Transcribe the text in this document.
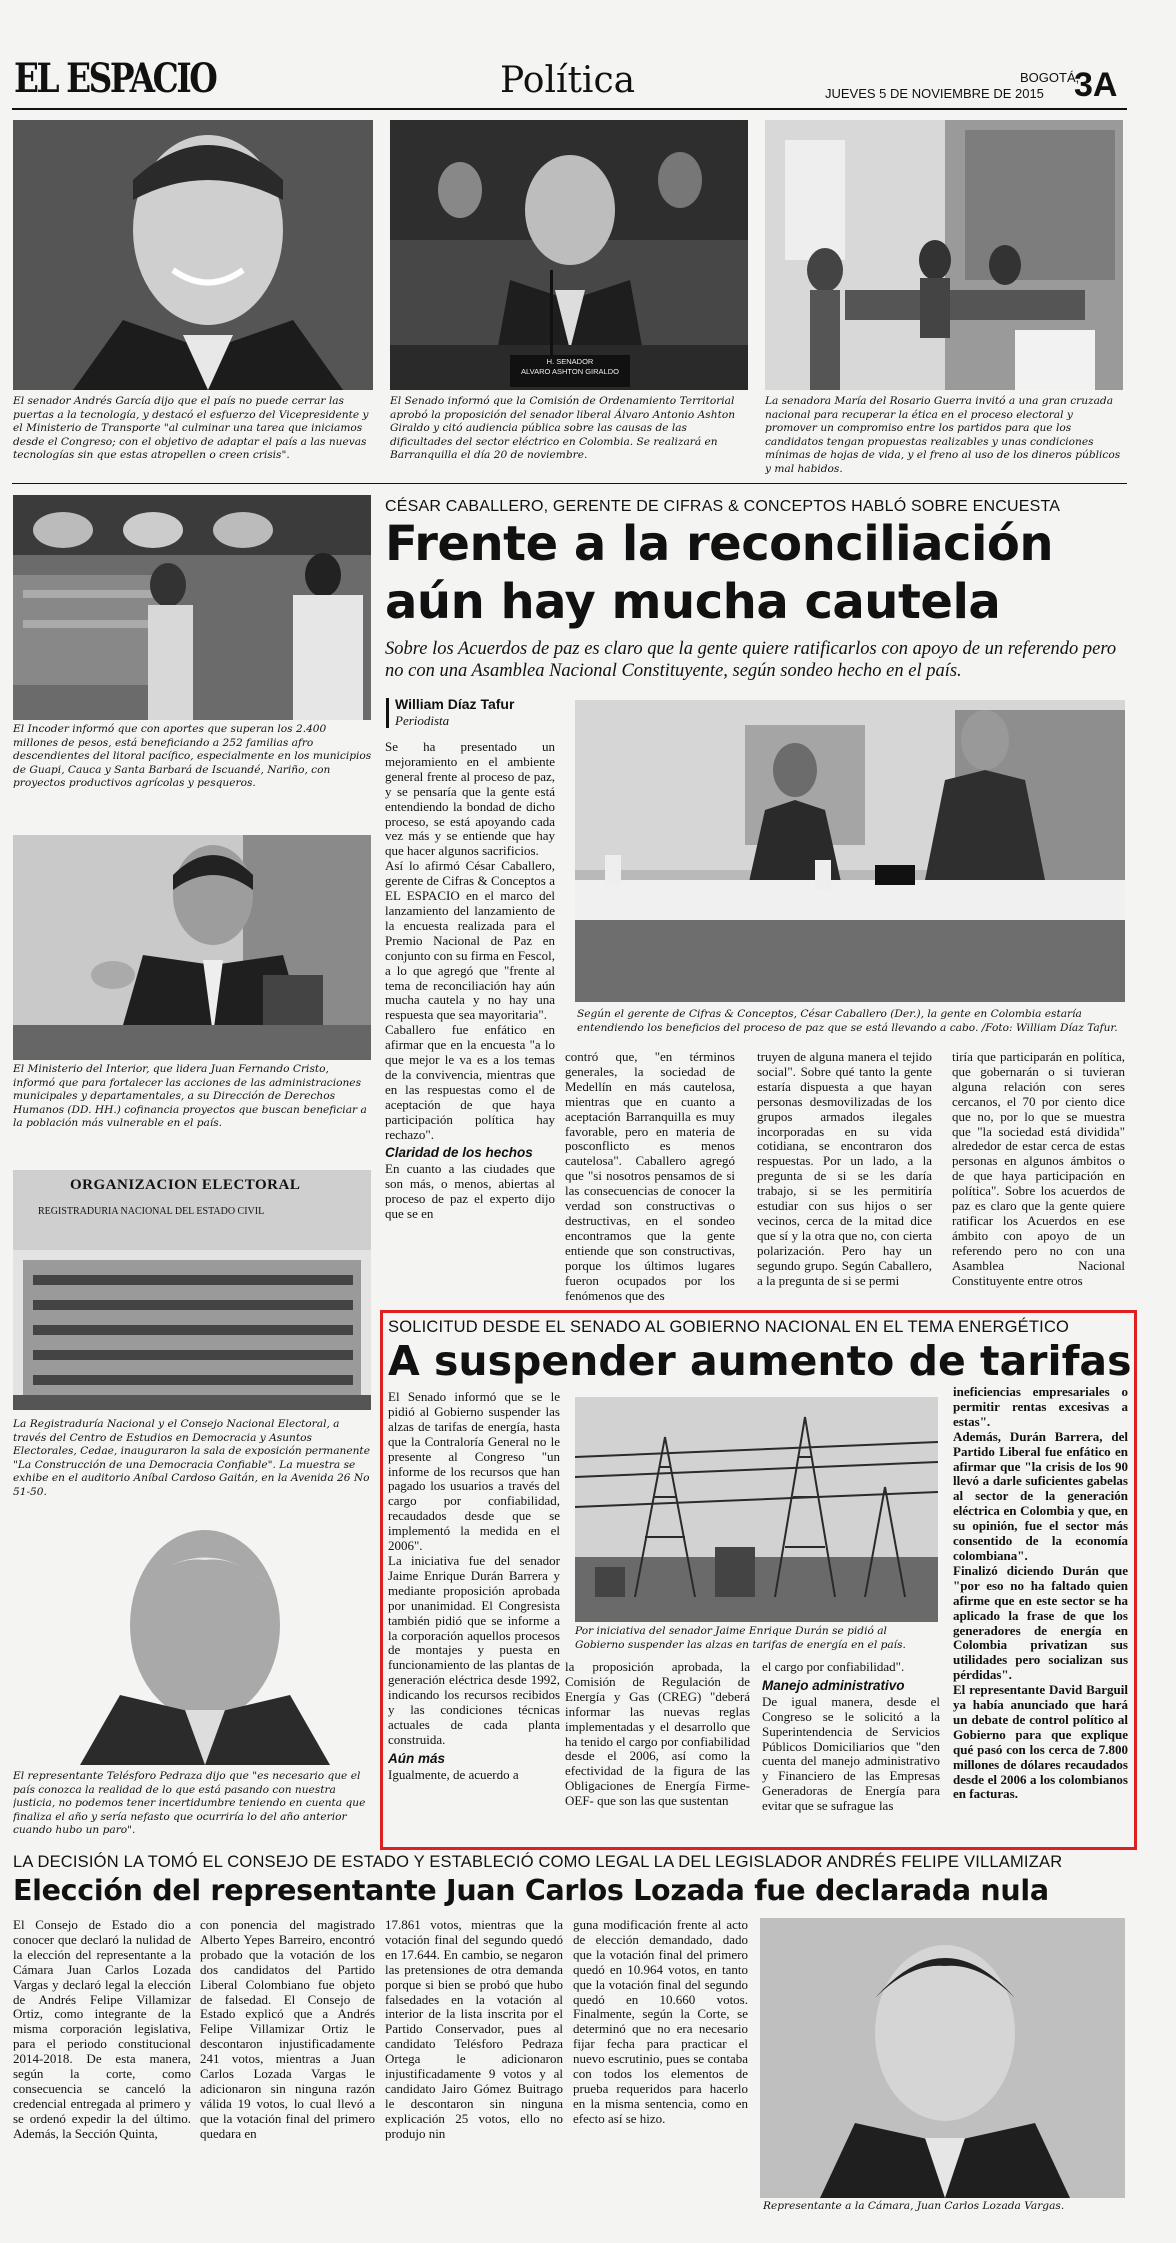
EL ESPACIO	Política	BOGOTÁ,
JUEVES 5 DE NOVIEMBRE DE 2015 3A
H. SENADOR
ALVARO ASHTON GIRALDO
El senador Andrés García dijo que el país no puede cerrar las puertas a la tecnología, y destacó el esfuerzo del Vicepresidente y el Ministerio de Transporte "al culminar una tarea que iniciamos desde el Congreso; con el objetivo de adaptar el país a las nuevas tecnologías sin que estas atropellen o creen crisis".
El Senado informó que la Comisión de Ordenamiento Territorial aprobó la proposición del senador liberal Álvaro Antonio Ashton Giraldo y citó audiencia pública sobre las causas de las dificultades del sector eléctrico en Colombia. Se realizará en Barranquilla el día 20 de noviembre.
La senadora María del Rosario Guerra invitó a una gran cruzada nacional para recuperar la ética en el proceso electoral y promover un compromiso entre los partidos para que los candidatos tengan propuestas realizables y unas condiciones mínimas de hojas de vida, y el freno al uso de los dineros públicos y mal habidos.
El Incoder informó que con aportes que superan los 2.400 millones de pesos, está beneficiando a 252 familias afro descendientes del litoral pacífico, especialmente en los municipios de Guapi, Cauca y Santa Barbará de Iscuandé, Nariño, con proyectos productivos agrícolas y pesqueros.
El Ministerio del Interior, que lidera Juan Fernando Cristo, informó que para fortalecer las acciones de las administraciones municipales y departamentales, a su Dirección de Derechos Humanos (DD. HH.) cofinancia proyectos que buscan beneficiar a la población más vulnerable en el país.
ORGANIZACION ELECTORAL
REGISTRADURIA NACIONAL DEL ESTADO CIVIL
La Registraduría Nacional y el Consejo Nacional Electoral, a través del Centro de Estudios en Democracia y Asuntos Electorales, Cedae, inauguraron la sala de exposición permanente "La Construcción de una Democracia Confiable". La muestra se exhibe en el auditorio Aníbal Cardoso Gaitán, en la Avenida 26 No 51-50.
El representante Telésforo Pedraza dijo que "es necesario que el país conozca la realidad de lo que está pasando con nuestra justicia, no podemos tener incertidumbre teniendo en cuenta que finaliza el año y sería nefasto que ocurriría lo del año anterior cuando hubo un paro".
CÉSAR CABALLERO, GERENTE DE CIFRAS & CONCEPTOS HABLÓ SOBRE ENCUESTA
Frente a la reconciliación
aún hay mucha cautela
Sobre los Acuerdos de paz es claro que la gente quiere ratificarlos con apoyo de un referendo pero no con una Asamblea Nacional Constituyente, según sondeo hecho en el país.
William Díaz Tafur
Periodista

Se ha presentado un mejoramiento en el ambiente general frente al proceso de paz, y se pensaría que la gente está entendiendo la bondad de dicho proceso, se está apoyando cada vez más y se entiende que hay que hacer algunos sacrificios.

Así lo afirmó César Caballero, gerente de Cifras & Conceptos a EL ESPACIO en el marco del lanzamiento del lanzamiento de la encuesta realizada para el Premio Nacional de Paz en conjunto con su firma en Fescol, a lo que agregó que "frente al tema de reconciliación hay aún mucha cautela y no hay una respuesta que sea mayoritaria".

Caballero fue enfático en afirmar que en la encuesta "a lo que mejor le va es a los temas de la convivencia, mientras que en las respuestas como el de aceptación de que haya participación política hay rechazo".

Claridad de los hechos

En cuanto a las ciudades que son más, o menos, abiertas al proceso de paz el experto dijo que se en

Según el gerente de Cifras & Conceptos, César Caballero (Der.), la gente en Colombia estaría entendiendo los beneficios del proceso de paz que se está llevando a cabo. /Foto: William Díaz Tafur.
contró que, "en términos generales, la sociedad de Medellín en más cautelosa, mientras que en cuanto a aceptación Barranquilla es muy favorable, pero en materia de posconflicto es menos cautelosa". Caballero agregó que "si nosotros pensamos de si las consecuencias de conocer la verdad son constructivas o destructivas, en el sondeo encontramos que la gente entiende que son constructivas, porque los últimos lugares fueron ocupados por los fenómenos que des
truyen de alguna manera el tejido social". Sobre qué tanto la gente estaría dispuesta a que hayan personas desmovilizadas de los grupos armados ilegales incorporadas en su vida cotidiana, se encontraron dos respuestas. Por un lado, a la pregunta de si se les daría trabajo, si se les permitiría estudiar con sus hijos o ser vecinos, cerca de la mitad dice que sí y la otra que no, con cierta polarización. Pero hay un segundo grupo. Según Caballero, a la pregunta de si se permi
tiría que participarán en política, que gobernarán o si tuvieran alguna relación con seres cercanos, el 70 por ciento dice que no, por lo que se muestra que "la sociedad está dividida" alrededor de estar cerca de estas personas en algunos ámbitos o de que haya participación en política". Sobre los acuerdos de paz es claro que la gente quiere ratificar los Acuerdos en ese ámbito con apoyo de un referendo pero no con una Asamblea Nacional Constituyente entre otros
SOLICITUD DESDE EL SENADO AL GOBIERNO NACIONAL EN EL TEMA ENERGÉTICO
A suspender aumento de tarifas

El Senado informó que se le pidió al Gobierno suspender las alzas de tarifas de energía, hasta que la Contraloría General no le presente al Congreso "un informe de los recursos que han pagado los usuarios a través del cargo por confiabilidad, recaudados desde que se implementó la medida en el 2006".

La iniciativa fue del senador Jaime Enrique Durán Barrera y mediante proposición aprobada por unanimidad. El Congresista también pidió que se informe a la corporación aquellos procesos de montajes y puesta en funcionamiento de las plantas de generación eléctrica desde 1992, indicando los recursos recibidos y las condiciones técnicas actuales de cada planta construida.

Aún más

Igualmente, de acuerdo a

Por iniciativa del senador Jaime Enrique Durán se pidió al Gobierno suspender las alzas en tarifas de energía en el país.
la proposición aprobada, la Comisión de Regulación de Energía y Gas (CREG) "deberá informar las nuevas reglas implementadas y el desarrollo que ha tenido el cargo por confiabilidad desde el 2006, así como la efectividad de la figura de las Obligaciones de Energía Firme- OEF- que son las que sustentan

el cargo por confiabilidad".

Manejo administrativo

De igual manera, desde el Congreso se le solicitó a la Superintendencia de Servicios Públicos Domiciliarios que "den cuenta del manejo administrativo y Financiero de las Empresas Generadoras de Energía para evitar que se sufrague las

ineficiencias empresariales o permitir rentas excesivas a estas".

Además, Durán Barrera, del Partido Liberal fue enfático en afirmar que "la crisis de los 90 llevó a darle suficientes gabelas al sector de la generación eléctrica en Colombia y que, en su opinión, fue el sector más consentido de la economía colombiana".

Finalizó diciendo Durán que "por eso no ha faltado quien afirme que en este sector se ha aplicado la frase de que los generadores de energía en Colombia privatizan sus utilidades pero socializan sus pérdidas".

El representante David Barguil ya había anunciado que hará un debate de control político al Gobierno para que explique qué pasó con los cerca de 7.800 millones de dólares recaudados desde el 2006 a los colombianos en facturas.

LA DECISIÓN LA TOMÓ EL CONSEJO DE ESTADO Y ESTABLECIÓ COMO LEGAL LA DEL LEGISLADOR ANDRÉS FELIPE VILLAMIZAR
Elección del representante Juan Carlos Lozada fue declarada nula
El Consejo de Estado dio a conocer que declaró la nulidad de la elección del representante a la Cámara Juan Carlos Lozada Vargas y declaró legal la elección de Andrés Felipe Villamizar Ortiz, como integrante de la misma corporación legislativa, para el periodo constitucional 2014-2018. De esta manera, según la corte, como consecuencia se canceló la credencial entregada al primero y se ordenó expedir la del último. Además, la Sección Quinta,
con ponencia del magistrado Alberto Yepes Barreiro, encontró probado que la votación de los dos candidatos del Partido Liberal Colombiano fue objeto de falsedad. El Consejo de Estado explicó que a Andrés Felipe Villamizar Ortiz le descontaron injustificadamente 241 votos, mientras a Juan Carlos Lozada Vargas le adicionaron sin ninguna razón válida 19 votos, lo cual llevó a que la votación final del primero quedara en
17.861 votos, mientras que la votación final del segundo quedó en 17.644. En cambio, se negaron las pretensiones de otra demanda porque si bien se probó que hubo falsedades en la votación al interior de la lista inscrita por el Partido Conservador, pues al candidato Telésforo Pedraza Ortega le adicionaron injustificadamente 9 votos y al candidato Jairo Gómez Buitrago le descontaron sin ninguna explicación 25 votos, ello no produjo nin
guna modificación frente al acto de elección demandado, dado que la votación final del primero quedó en 10.964 votos, en tanto que la votación final del segundo quedó en 10.660 votos. Finalmente, según la Corte, se determinó que no era necesario fijar fecha para practicar el nuevo escrutinio, pues se contaba con todos los elementos de prueba requeridos para hacerlo en la misma sentencia, como en efecto así se hizo.
Representante a la Cámara, Juan Carlos Lozada Vargas.
